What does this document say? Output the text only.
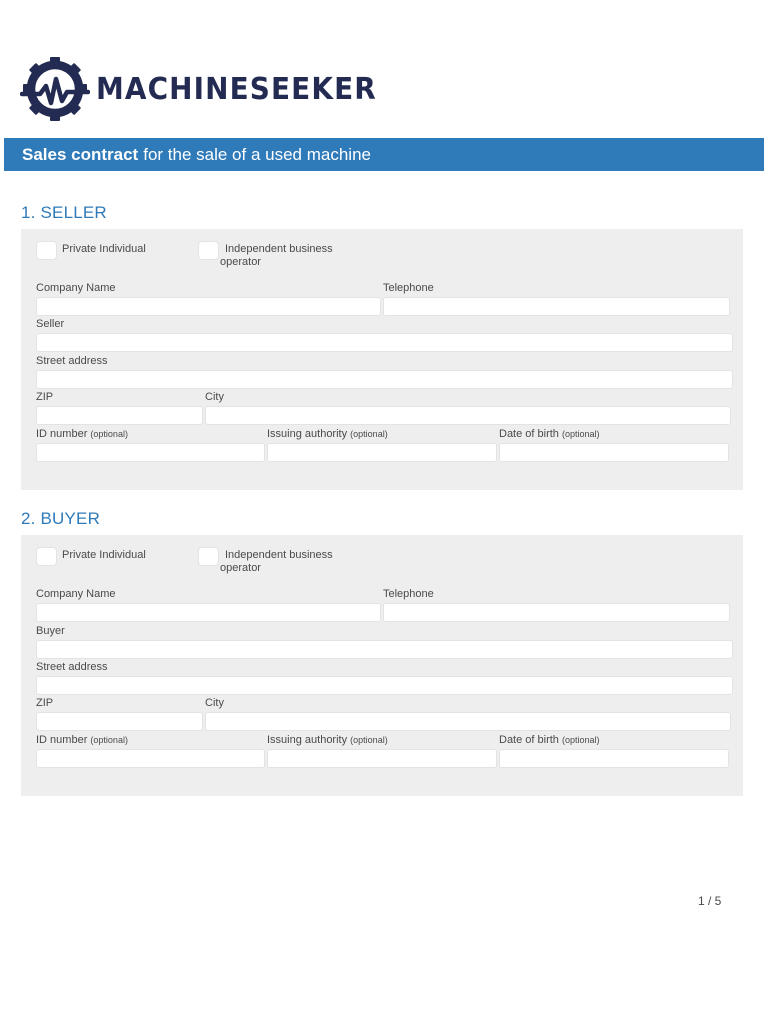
MACHINESEEKER
Sales contract for the sale of a used machine
1. SELLER
Private Individual	Independent business
operator
Company Name	Telephone
Seller
Street address
ZIP	City
ID number (optional)	Issuing authority (optional)	Date of birth (optional)
2. BUYER
Private Individual	Independent business
operator
Company Name	Telephone
Buyer
Street address
ZIP	City
ID number (optional)	Issuing authority (optional)	Date of birth (optional)
1 / 5
